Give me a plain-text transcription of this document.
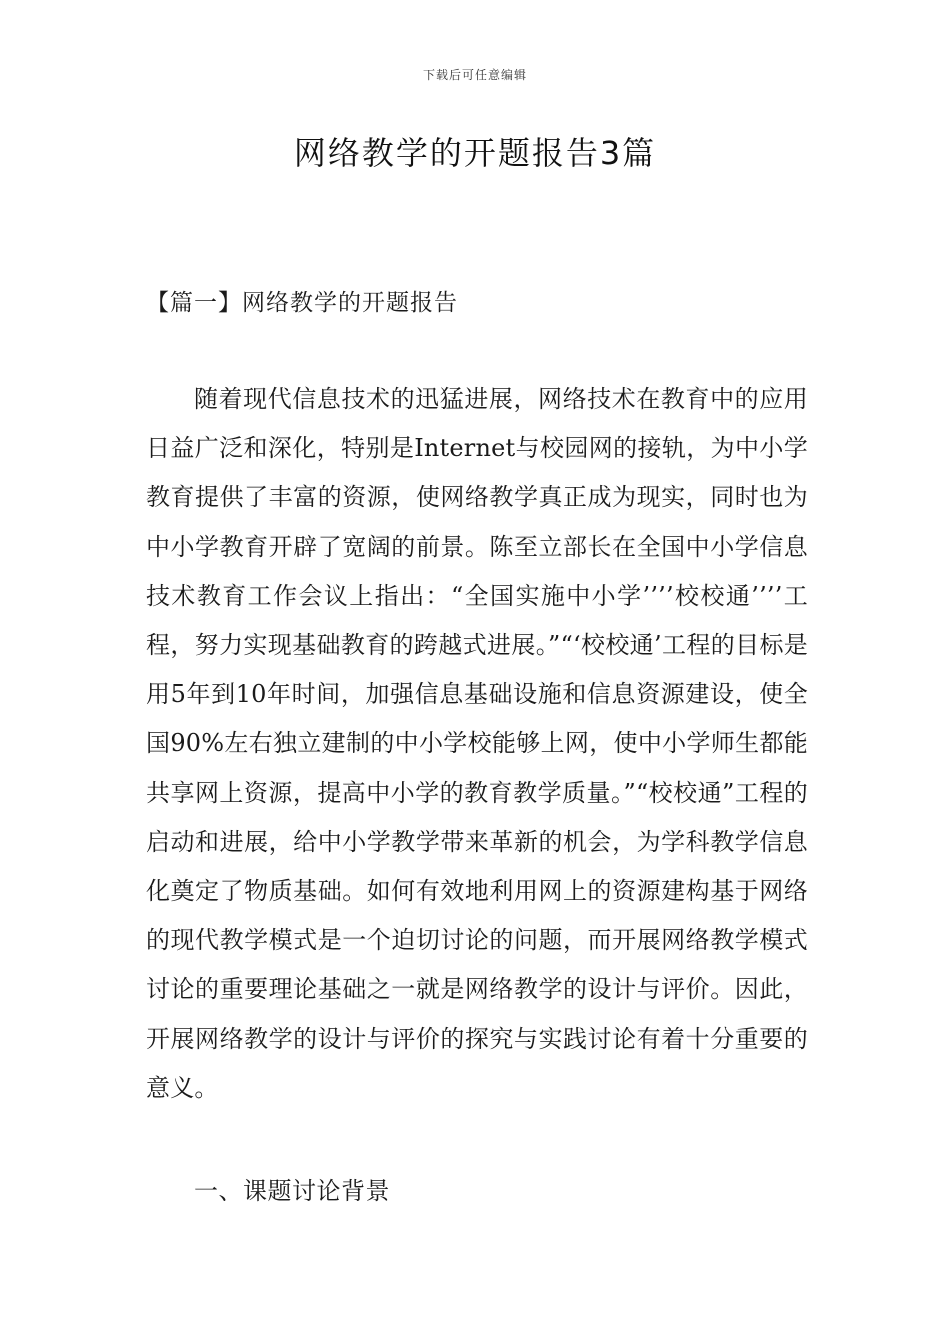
下载后可任意编辑
网络教学的开题报告3篇
【篇一】网络教学的开题报告

随着现代信息技术的迅猛进展，网络技术在教育中的应用日益广泛和深化，特别是Internet与校园网的接轨，为中小学教育提供了丰富的资源，使网络教学真正成为现实，同时也为中小学教育开辟了宽阔的前景。陈至立部长在全国中小学信息技术教育工作会议上指出：“全国实施中小学’’’’校校通’’’’工程，努力实现基础教育的跨越式进展。”“‘校校通’工程的目标是用5年到10年时间，加强信息基础设施和信息资源建设，使全国90%左右独立建制的中小学校能够上网，使中小学师生都能共享网上资源，提高中小学的教育教学质量。”“校校通”工程的启动和进展，给中小学教学带来革新的机会，为学科教学信息化奠定了物质基础。如何有效地利用网上的资源建构基于网络的现代教学模式是一个迫切讨论的问题，而开展网络教学模式讨论的重要理论基础之一就是网络教学的设计与评价。因此，开展网络教学的设计与评价的探究与实践讨论有着十分重要的意义。

一、课题讨论背景
